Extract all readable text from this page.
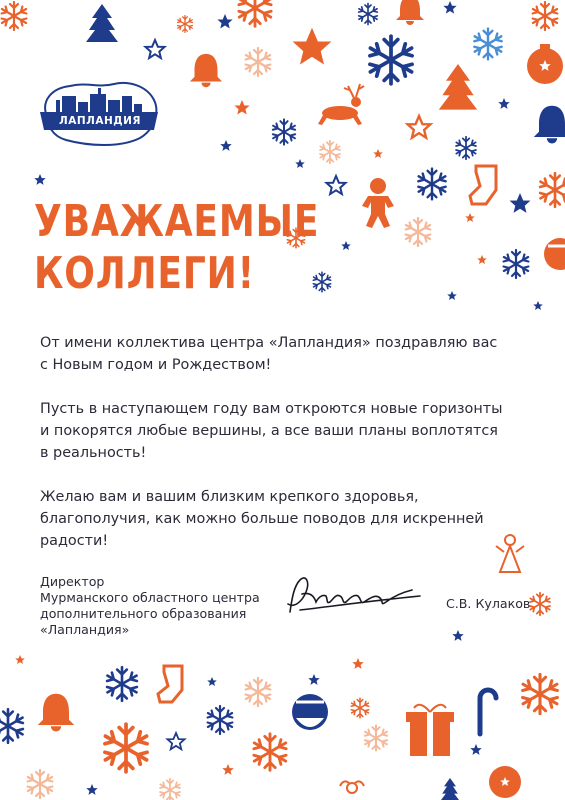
ЛАПЛАНДИЯ
УВАЖАЕМЫЕ
КОЛЛЕГИ!

От имени коллектива центра «Лапландия» поздравляю вас
с Новым годом и Рождеством!

Пусть в наступающем году вам откроются новые горизонты
и покорятся любые вершины, а все ваши планы воплотятся
в реальность!

Желаю вам и вашим близким крепкого здоровья,
благополучия, как можно больше поводов для искренней
радости!

Директор
Мурманского областного центра
дополнительного образования
«Лапландия»
С.В. Кулаков
